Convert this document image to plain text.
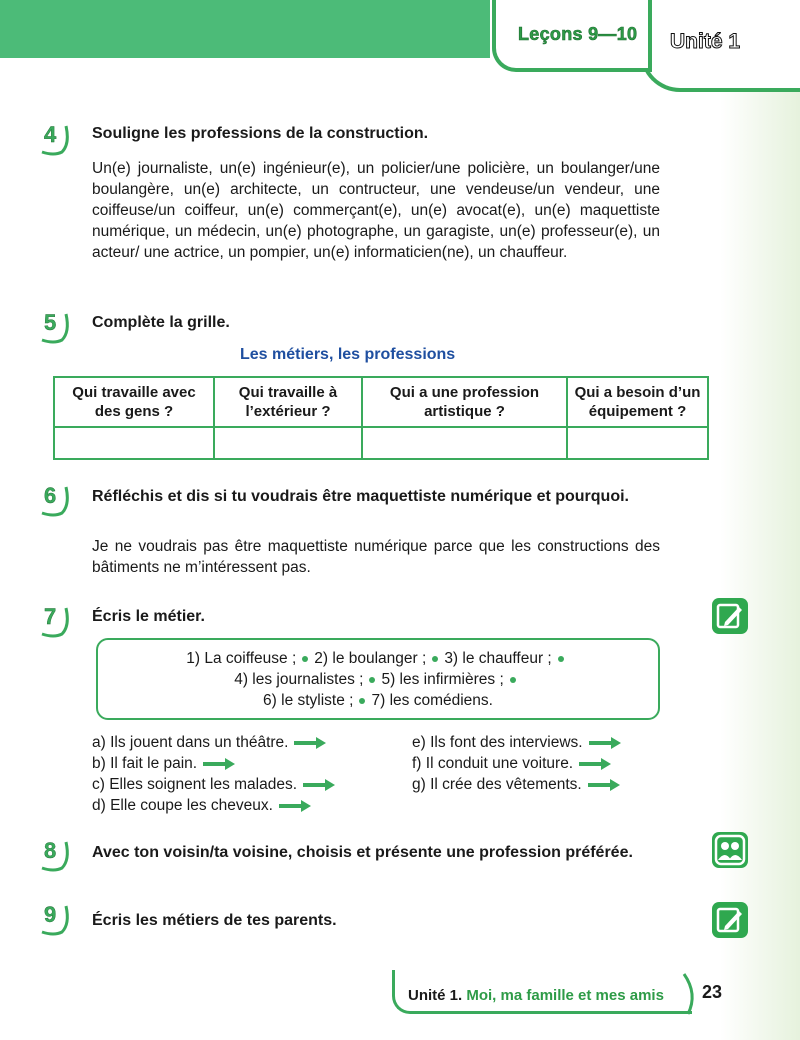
Leçons 9—10 Unité 1
4 Souligne les professions de la construction.
Un(e) journaliste, un(e) ingénieur(e), un policier/une policière, un boulanger/une boulangère, un(e) architecte, un contructeur, une vendeuse/un vendeur, une coiffeuse/un coiffeur, un(e) commerçant(e), un(e) avocat(e), un(e) maquettiste numérique, un médecin, un(e) photographe, un garagiste, un(e) professeur(e), un acteur/ une actrice, un pompier, un(e) informaticien(ne), un chauffeur.
5 Complète la grille.
Les métiers, les professions
Qui travaille avec des gens ?	Qui travaille à l’extérieur ?	Qui a une profession artistique ?	Qui a besoin d’un équipement ?

6 Réfléchis et dis si tu voudrais être maquettiste numérique et pourquoi.
Je ne voudrais pas être maquettiste numérique parce que les constructions des bâtiments ne m’intéressent pas.
7 Écris le métier.
1) La coiffeuse ; 2) le boulanger ; 3) le chauffeur ;
4) les journalistes ; 5) les infirmières ;
6) le styliste ; 7) les comédiens.
a) Ils jouent dans un théâtre.
b) Il fait le pain.
c) Elles soignent les malades.
d) Elle coupe les cheveux.
e) Ils font des interviews.
f) Il conduit une voiture.
g) Il crée des vêtements.
8 Avec ton voisin/ta voisine, choisis et présente une profession préférée.
9 Écris les métiers de tes parents.
Unité 1. Moi, ma famille et mes amis 23
